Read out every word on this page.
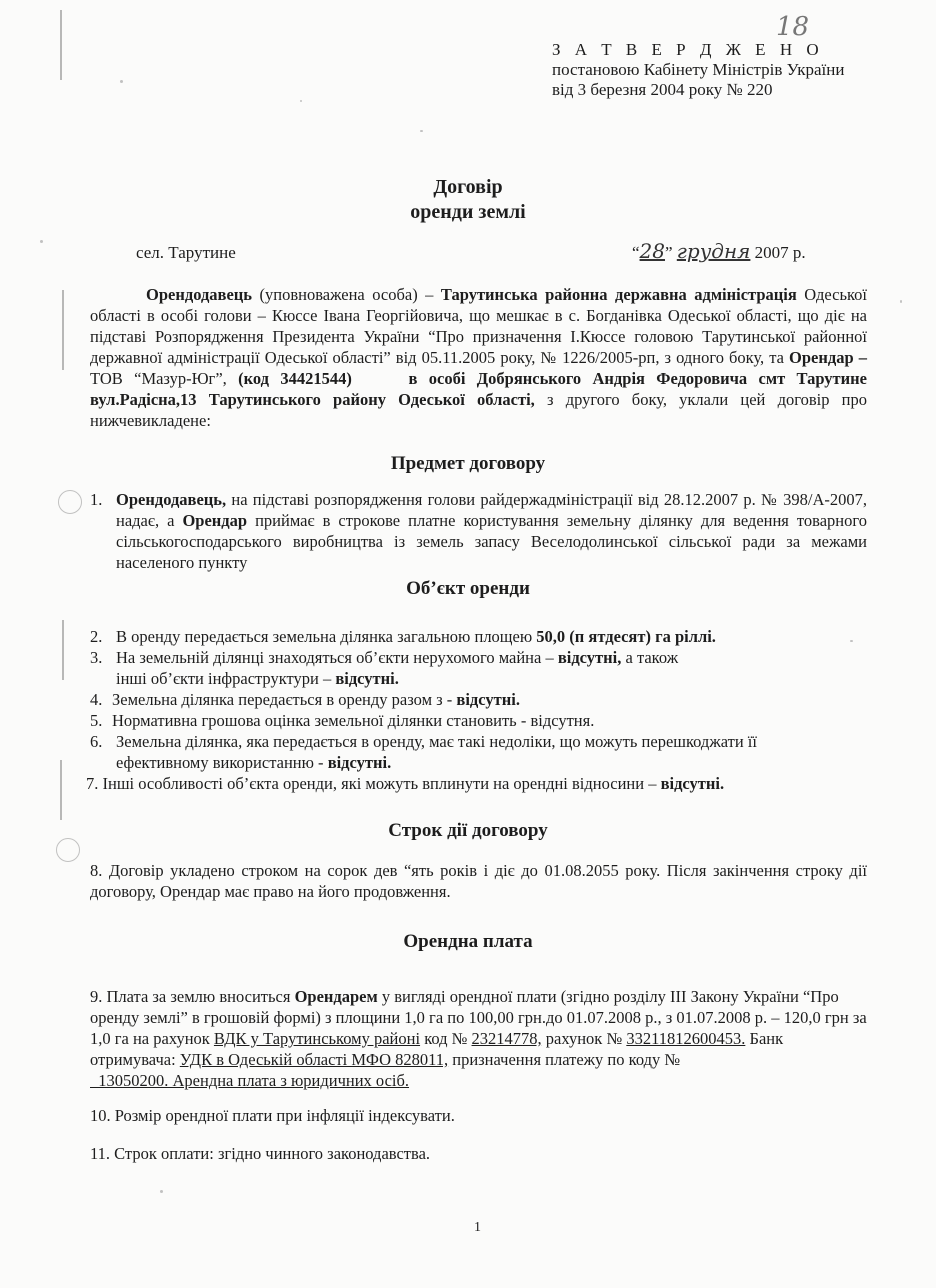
18
З А Т В Е Р Д Ж Е Н О
постановою Кабінету Міністрів України
від 3 березня 2004 року № 220
Договір
оренди землі
сел. Тарутине	“28” грудня 2007 р.
Орендодавець (уповноважена особа) – Тарутинська районна державна адміністрація Одеської області в особі голови – Кюссе Івана Георгійовича, що мешкає в с. Богданівка Одеської області, що діє на підставі Розпорядження Президента України “Про призначення І.Кюссе головою Тарутинської районної державної адміністрації Одеської області” від 05.11.2005 року, № 1226/2005-рп, з одного боку, та Орендар – ТОВ “Мазур-Юг”, (код 34421544)     в особі Добрянського Андрія Федоровича смт Тарутине вул.Радісна,13 Тарутинського району Одеської області, з другого боку, уклали цей договір про нижчевикладене:
Предмет договору
1. Орендодавець, на підставі розпорядження голови райдержадміністрації від 28.12.2007 р. № 398/А-2007, надає, а Орендар приймає в строкове платне користування земельну ділянку для ведення товарного сільськогосподарського виробництва із земель запасу Веселодолинської сільської ради за межами населеного пункту
Об’єкт оренди
2. В оренду передається земельна ділянка загальною площею 50,0 (п ятдесят) га ріллі.
3. На земельній ділянці знаходяться об’єкти нерухомого майна – відсутні, а також
інші об’єкти інфраструктури – відсутні.
4. Земельна ділянка передається в оренду разом з - відсутні.
5. Нормативна грошова оцінка земельної ділянки становить - відсутня.
6. Земельна ділянка, яка передається в оренду, має такі недоліки, що можуть перешкоджати її
ефективному використанню - відсутні.
7. Інші особливості об’єкта оренди, які можуть вплинути на орендні відносини – відсутні.
Строк дії договору
8. Договір укладено строком на сорок дев “ять років і діє до 01.08.2055 року. Після закінчення строку дії договору, Орендар має право на його продовження.
Орендна плата
9. Плата за землю вноситься Орендарем у вигляді орендної плати (згідно розділу ІІІ Закону України “Про оренду землі” в грошовій формі) з площини 1,0 га по 100,00 грн.до 01.07.2008 р., з 01.07.2008 р. – 120,0 грн за 1,0 га на рахунок ВДК у Тарутинському районі код № 23214778, рахунок № 33211812600453. Банк отримувача: УДК в Одеській області МФО 828011, призначення платежу по коду №   13050200. Арендна плата з юридичних осіб.
10. Розмір орендної плати при інфляції індексувати.
11. Строк оплати: згідно чинного законодавства.
1
